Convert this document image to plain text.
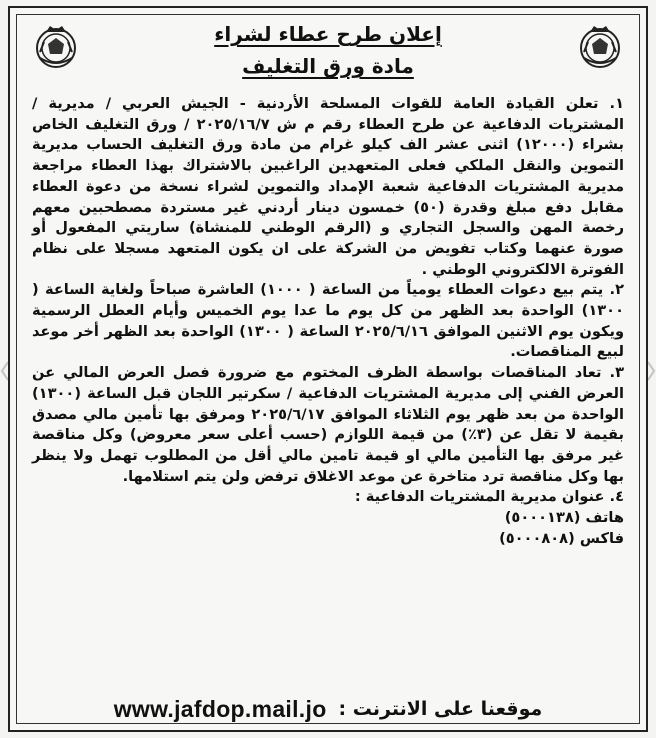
إعلان طرح عطاء لشراء
مادة ورق التغليف

١. تعلن القيادة العامة للقوات المسلحة الأردنية - الجيش العربي / مديرية / المشتريات الدفاعية عن طرح العطاء رقم م ش ٢٠٢٥/١٦/٧ / ورق التغليف الخاص بشراء (١٢٠٠٠) اثنى عشر الف كيلو غرام من مادة ورق التغليف الحساب مديرية التموين والنقل الملكي فعلى المتعهدين الراغبين بالاشتراك بهذا العطاء مراجعة مديرية المشتريات الدفاعية شعبة الإمداد والتموين لشراء نسخة من دعوة العطاء مقابل دفع مبلغ وقدرة (٥٠) خمسون دينار أردني غير مستردة مصطحبين معهم رخصة المهن والسجل التجاري و (الرقم الوطني للمنشاة) ساريتي المفعول أو صورة عنهما وكتاب تفويض من الشركة على ان يكون المتعهد مسجلا على نظام الفوترة الالكتروني الوطني .

٢. يتم بيع دعوات العطاء يومياً من الساعة ( ١٠٠٠) العاشرة صباحاً ولغاية الساعة ( ١٣٠٠) الواحدة بعد الظهر من كل يوم ما عدا يوم الخميس وأيام العطل الرسمية ويكون يوم الاثنين الموافق ٢٠٢٥/٦/١٦ الساعة ( ١٣٠٠) الواحدة بعد الظهر أخر موعد لبيع المناقصات.

٣. تعاد المناقصات بواسطة الظرف المختوم مع ضرورة فصل العرض المالي عن العرض الفني إلى مديرية المشتريات الدفاعية / سكرتير اللجان قبل الساعة (١٣٠٠) الواحدة من بعد ظهر يوم الثلاثاء الموافق ٢٠٢٥/٦/١٧ ومرفق بها تأمين مالي مصدق بقيمة لا تقل عن (٣٪) من قيمة اللوازم (حسب أعلى سعر معروض) وكل مناقصة غير مرفق بها التأمين مالي او قيمة تامين مالي أقل من المطلوب تهمل ولا ينظر بها وكل مناقصة ترد متاخرة عن موعد الاغلاق ترفض ولن يتم استلامها.

٤. عنوان مديرية المشتريات الدفاعية :

هاتف (٥٠٠٠١٣٨)

فاكس (٥٠٠٠٨٠٨)

موقعنا على الانترنت :
www.jafdop.mail.jo
